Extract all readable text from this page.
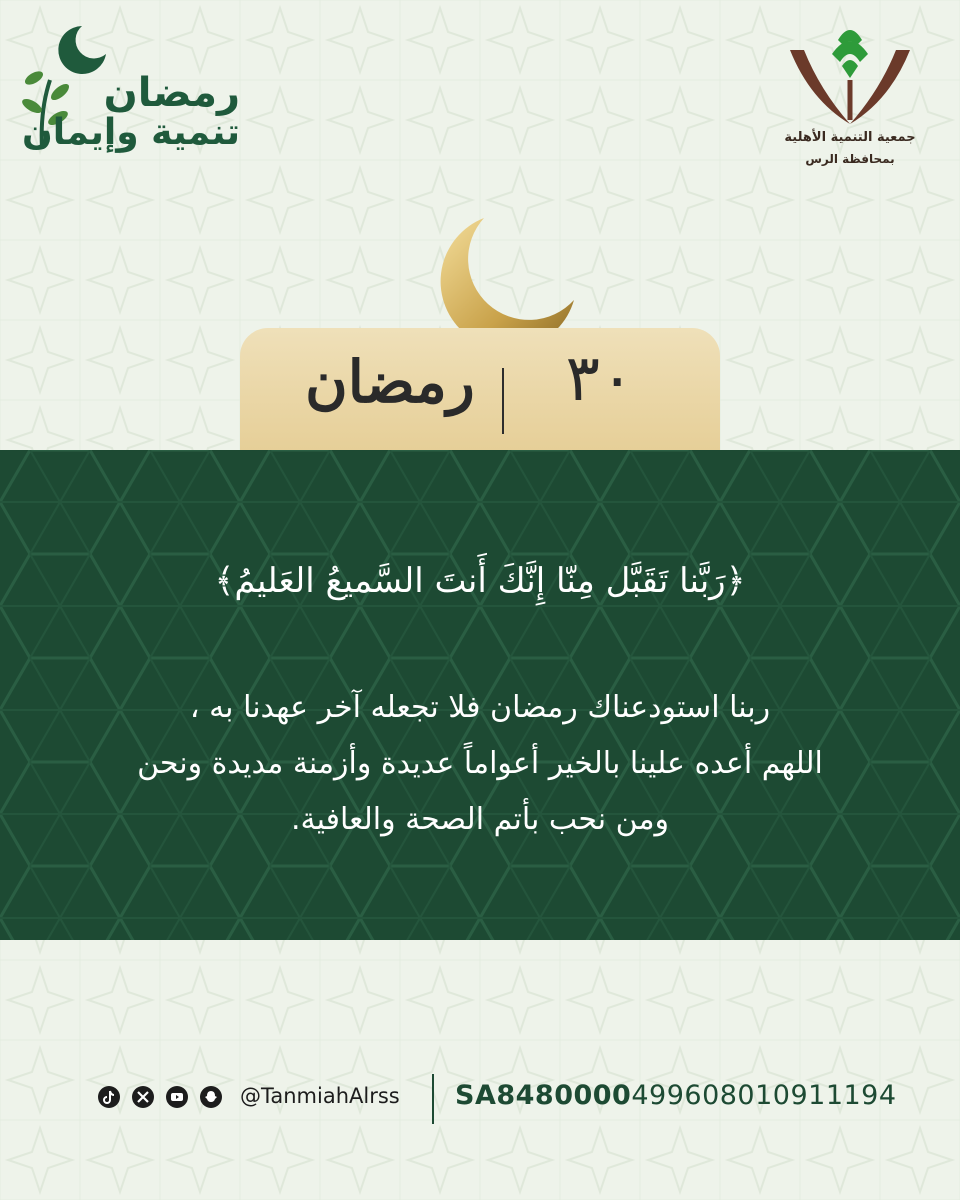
رمضان
تنمية وإيمان	جمعية التنمية الأهلية
بمحافظة الرس
رمضان	٣٠
﴿رَبَّنا تَقَبَّل مِنّا إِنَّكَ أَنتَ السَّميعُ العَليمُ﴾
ربنا استودعناك رمضان فلا تجعله آخر عهدنا به ،
اللهم أعده علينا بالخير أعواماً عديدة وأزمنة مديدة ونحن
ومن نحب بأتم الصحة والعافية.
@TanmiahAlrss SA8480000499608010911194
